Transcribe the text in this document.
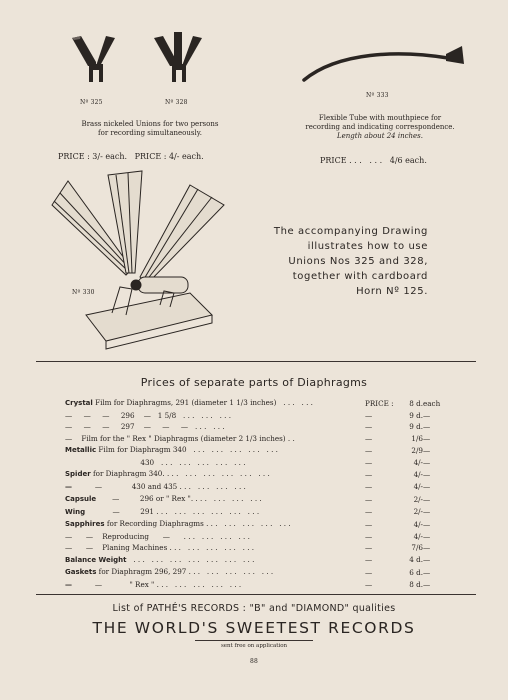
Nº 325	Nº 328
Brass nickeled Unions for two persons
for recording simultaneously.
PRICE : 3/- each.   PRICE : 4/- each.
Nº 333
Flexible Tube with mouthpiece for
recording and indicating correspondence.
Length about 24 inches.
PRICE . . .   . . .   4/6 each.
Nº 330
The accompanying Drawing
illustrates how to use
Unions Nos 325 and 328,
together with cardboard
Horn Nº 125.
Prices of separate parts of Diaphragms
Crystal Film for Diaphragms, 291 (diameter 1 1/3 inches)   . . .   . . .	PRICE :	8 d.	each
—     —     —     296    —   1 5/8   . . .   . . .   . . .	—	9 d.	—
—     —     —     297    —     —     —   . . .   . . .	—	9 d.	—
—    Film for the " Rex " Diaphragms (diameter 2 1/3 inches) . .	—	1/6	—
Metallic Film for Diaphragm 340   . . .   . . .   . . .   . . .   . . .	—	2/9	—
430   . . .   . . .   . . .   . . .   . . .	—	4/-	—
Spider for Diaphragm 340. . . .   . . .   . . .   . . .   . . .   . . .	—	4/-	—
—          —             430 and 435 . . .   . . .   . . .   . . .	—	4/-	—
Capsule       —         296 or " Rex ". . . .   . . .   . . .   . . .	—	2/-	—
Wing            —         291 . . .   . . .   . . .   . . .   . . .   . . .	—	2/-	—
Sapphires for Recording Diaphragms . . .   . . .   . . .   . . .   . . .	—	4/-	—
—      —    Reproducing      —      . . .   . . .   . . .   . . .	—	4/-	—
—      —    Planing Machines . . .   . . .   . . .   . . .   . . .	—	7/6	—
Balance Weight   . . .   . . .   . . .   . . .   . . .   . . .   . . .	—	4 d.	—
Gaskets for Diaphragm 296, 297 . . .   . . .   . . .   . . .   . . .	—	6 d.	—
—          —            " Rex " . . .   . . .   . . .   . . .   . . .	—	8 d.	—
List of PATHÉ'S RECORDS : "B" and "DIAMOND" qualities
THE WORLD'S SWEETEST RECORDS
sent free on application
88
